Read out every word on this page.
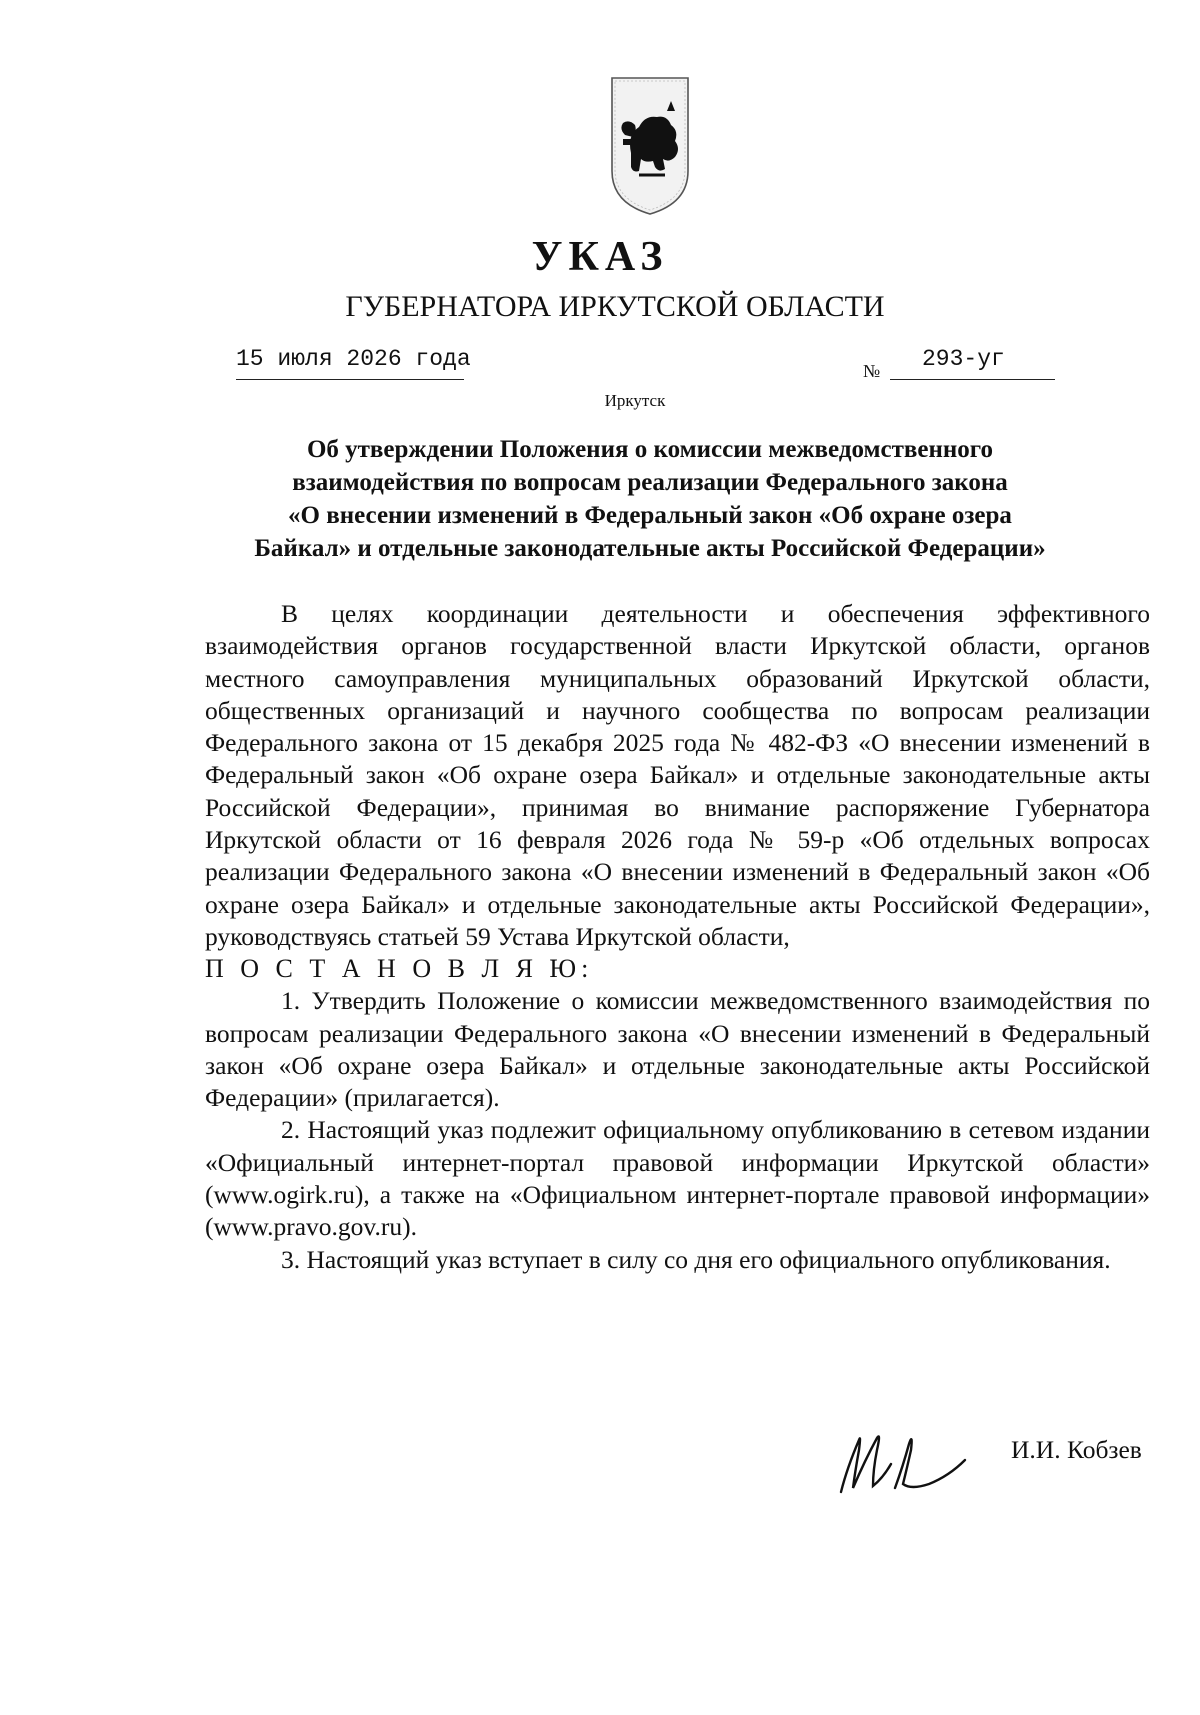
УКАЗ
ГУБЕРНАТОРА ИРКУТСКОЙ ОБЛАСТИ
15 июля 2026 года	№ 293-уг
Иркутск
Об утверждении Положения о комиссии межведомственного
взаимодействия по вопросам реализации Федерального закона
«О внесении изменений в Федеральный закон «Об охране озера
Байкал» и отдельные законодательные акты Российской Федерации»

В целях координации деятельности и обеспечения эффективного взаимодействия органов государственной власти Иркутской области, органов местного самоуправления муниципальных образований Иркутской области, общественных организаций и научного сообщества по вопросам реализации Федерального закона от 15 декабря 2025 года № 482-ФЗ «О внесении изменений в Федеральный закон «Об охране озера Байкал» и отдельные законодательные акты Российской Федерации», принимая во внимание распоряжение Губернатора Иркутской области от 16 февраля 2026 года № 59-р «Об отдельных вопросах реализации Федерального закона «О внесении изменений в Федеральный закон «Об охране озера Байкал» и отдельные законодательные акты Российской Федерации», руководствуясь статьей 59 Устава Иркутской области,

П О С Т А Н О В Л Я Ю:

1. Утвердить Положение о комиссии межведомственного взаимодействия по вопросам реализации Федерального закона «О внесении изменений в Федеральный закон «Об охране озера Байкал» и отдельные законодательные акты Российской Федерации» (прилагается).

2. Настоящий указ подлежит официальному опубликованию в сетевом издании «Официальный интернет-портал правовой информации Иркутской области» (www.ogirk.ru), а также на «Официальном интернет-портале правовой информации» (www.pravo.gov.ru).

3. Настоящий указ вступает в силу со дня его официального опубликования.

И.И. Кобзев
